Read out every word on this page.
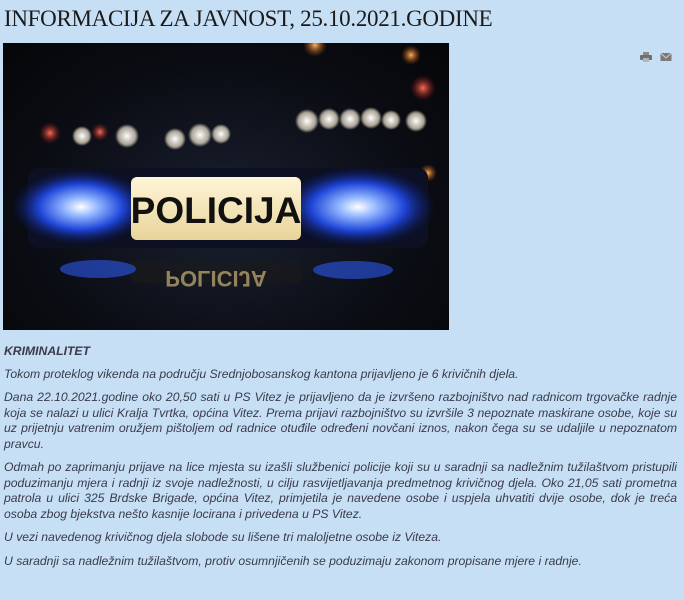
INFORMACIJA ZA JAVNOST, 25.10.2021.GODINE
POLICIJA
POLICIJA

KRIMINALITET

Tokom proteklog vikenda na području Srednjobosanskog kantona prijavljeno je 6 krivičnih djela.

Dana 22.10.2021.godine oko 20,50 sati u PS Vitez je prijavljeno da je izvršeno razbojništvo nad radnicom trgovačke radnje koja se nalazi u ulici Kralja Tvrtka, općina Vitez. Prema prijavi razbojništvo su izvršile 3 nepoznate maskirane osobe, koje su uz prijetnju vatrenim oružjem pištoljem od radnice otuđile određeni novčani iznos, nakon čega su se udaljile u nepoznatom pravcu.

Odmah po zaprimanju prijave na lice mjesta su izašli službenici policije koji su u saradnji sa nadležnim tužilaštvom pristupili poduzimanju mjera i radnji iz svoje nadležnosti, u cilju rasvijetljavanja predmetnog krivičnog djela. Oko 21,05 sati prometna patrola u ulici 325 Brdske Brigade, općina Vitez, primjetila je navedene osobe i uspjela uhvatiti dvije osobe, dok je treća osoba zbog bjekstva nešto kasnije locirana i privedena u PS Vitez.

U vezi navedenog krivičnog djela slobode su lišene tri maloljetne osobe iz Viteza.

U saradnji sa nadležnim tužilaštvom, protiv osumnjičenih se poduzimaju zakonom propisane mjere i radnje.
